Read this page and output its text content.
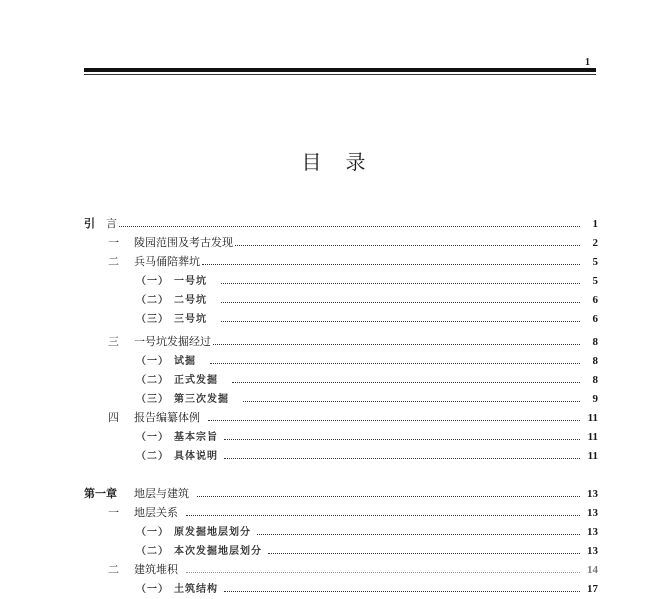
1
目录
引	言	1
一	陵园范围及考古发现	2
二	兵马俑陪葬坑	5
（一） 一号坑	5
（二） 二号坑	6
（三） 三号坑	6
三	一号坑发掘经过	8
（一） 试掘	8
（二） 正式发掘	8
（三） 第三次发掘	9
四	报告编纂体例	11
（一） 基本宗旨	11
（二） 具体说明	11
第一章	地层与建筑	13
一	地层关系	13
（一） 原发掘地层划分	13
（二） 本次发掘地层划分	13
二	建筑堆积	14
（一） 土筑结构	17
